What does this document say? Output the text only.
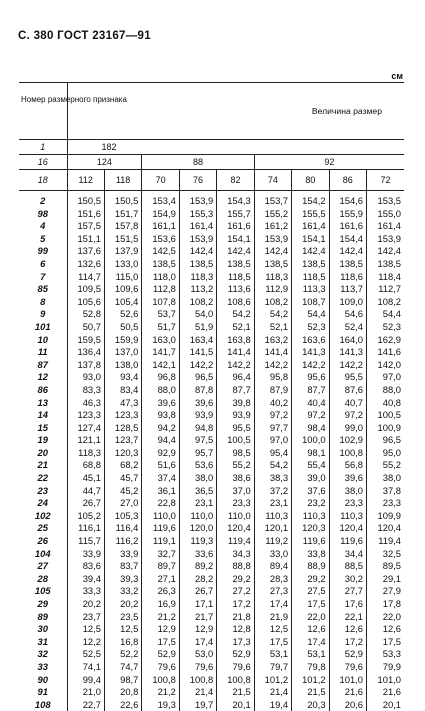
С. 380 ГОСТ 23167—91
см
Номер размерного признака	Величина размер								
1	182								
16	124		88			92			
18	112	118	70	76	82	74	80	86	72

2	150,5	150,5	153,4	153,9	154,3	153,7	154,2	154,6	153,5
98	151,6	151,7	154,9	155,3	155,7	155,2	155,5	155,9	155,0
4	157,5	157,8	161,1	161,4	161,6	161,2	161,4	161,6	161,4
5	151,1	151,5	153,6	153,9	154,1	153,9	154,1	154,4	153,9
99	137,6	137,9	142,5	142,4	142,4	142,4	142,4	142,4	142,4
6	132,6	133,0	138,5	138,5	138,5	138,5	138,5	138,5	138,5
7	114,7	115,0	118,0	118,3	118,5	118,3	118,5	118,6	118,4
85	109,5	109,6	112,8	113,2	113,6	112,9	113,3	113,7	112,7
8	105,6	105,4	107,8	108,2	108,6	108,2	108,7	109,0	108,2
9	52,8	52,6	53,7	54,0	54,2	54,2	54,4	54,6	54,4
101	50,7	50,5	51,7	51,9	52,1	52,1	52,3	52,4	52,3
10	159,5	159,9	163,0	163,4	163,8	163,2	163,6	164,0	162,9
11	136,4	137,0	141,7	141,5	141,4	141,4	141,3	141,3	141,6
87	137,8	138,0	142,1	142,2	142,2	142,2	142,2	142,2	142,0
12	93,0	93,4	96,8	96,5	96,4	95,8	95,6	95,5	97,0
86	83,3	83,4	88,0	87,8	87,7	87,9	87,7	87,6	88,0
13	46,3	47,3	39,6	39,6	39,8	40,2	40,4	40,7	40,8
14	123,3	123,3	93,8	93,9	93,9	97,2	97,2	97,2	100,5
15	127,4	128,5	94,2	94,8	95,5	97,7	98,4	99,0	100,9
19	121,1	123,7	94,4	97,5	100,5	97,0	100,0	102,9	96,5
20	118,3	120,3	92,9	95,7	98,5	95,4	98,1	100,8	95,0
21	68,8	68,2	51,6	53,6	55,2	54,2	55,4	56,8	55,2
22	45,1	45,7	37,4	38,0	38,6	38,3	39,0	39,6	38,0
23	44,7	45,2	36,1	36,5	37,0	37,2	37,6	38,0	37,8
24	26,7	27,0	22,8	23,1	23,3	23,1	23,2	23,3	23,3
102	105,2	105,3	110,0	110,0	110,0	110,3	110,3	110,3	109,9
25	116,1	116,4	119,6	120,0	120,4	120,1	120,3	120,4	120,4
26	115,7	116,2	119,1	119,3	119,4	119,2	119,6	119,6	119,4
104	33,9	33,9	32,7	33,6	34,3	33,0	33,8	34,4	32,5
27	83,6	83,7	89,7	89,2	88,8	89,4	88,9	88,5	89,5
28	39,4	39,3	27,1	28,2	29,2	28,3	29,2	30,2	29,1
105	33,3	33,2	26,3	26,7	27,2	27,3	27,5	27,7	27,9
29	20,2	20,2	16,9	17,1	17,2	17,4	17,5	17,6	17,8
89	23,7	23,5	21,2	21,7	21,8	21,9	22,0	22,1	22,0
30	12,5	12,5	12,9	12,9	12,8	12,5	12,6	12,6	12,6
31	12,2	16,8	17,5	17,4	17,3	17,5	17,4	17,2	17,5
32	52,5	52,2	52,9	53,0	52,9	53,1	53,1	52,9	53,3
33	74,1	74,7	79,6	79,6	79,6	79,7	79,8	79,6	79,9
90	99,4	98,7	100,8	100,8	100,8	101,2	101,2	101,0	101,0
91	21,0	20,8	21,2	21,4	21,5	21,4	21,5	21,6	21,6
108	22,7	22,6	19,3	19,7	20,1	19,4	20,3	20,6	20,1
